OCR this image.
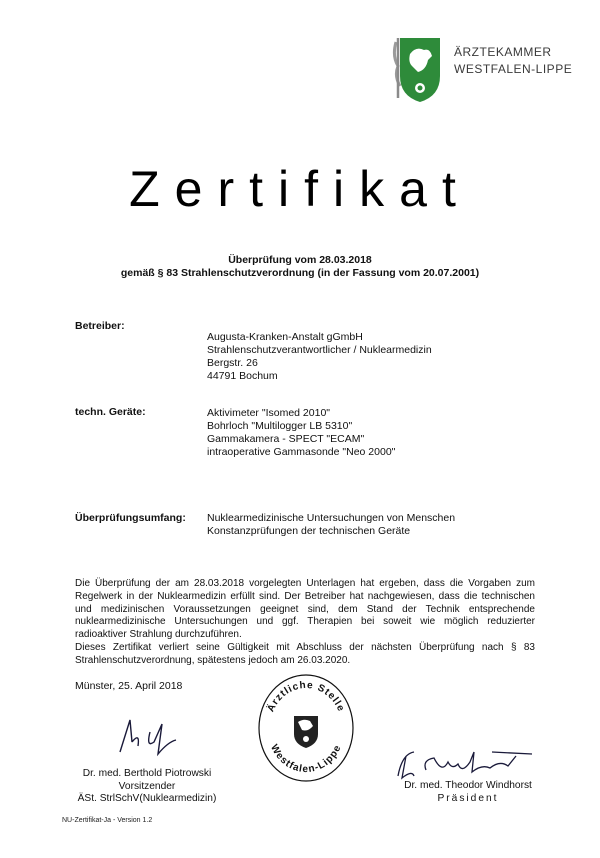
ÄRZTEKAMMER
WESTFALEN-LIPPE
Zertifikat
Überprüfung vom 28.03.2018
gemäß § 83 Strahlenschutzverordnung (in der Fassung vom 20.07.2001)
Betreiber:
Augusta-Kranken-Anstalt gGmbH
Strahlenschutzverantwortlicher / Nuklearmedizin
Bergstr. 26
44791 Bochum
techn. Geräte:	Aktivimeter "Isomed 2010"
Bohrloch "Multilogger LB 5310"
Gammakamera - SPECT "ECAM"
intraoperative Gammasonde "Neo 2000"
Überprüfungsumfang: Nuklearmedizinische Untersuchungen von Menschen
Konstanzprüfungen der technischen Geräte

Die Überprüfung der am 28.03.2018 vorgelegten Unterlagen hat ergeben, dass die Vorgaben zum Regelwerk in der Nuklearmedizin erfüllt sind. Der Betreiber hat nachgewiesen, dass die technischen und medizinischen Voraussetzungen geeignet sind, dem Stand der Technik entsprechende nuklearmedizinische Untersuchungen und ggf. Therapien bei soweit wie möglich reduzierter radioaktiver Strahlung durchzuführen.

Dieses Zertifikat verliert seine Gültigkeit mit Abschluss der nächsten Überprüfung nach § 83 Strahlenschutzverordnung, spätestens jedoch am 26.03.2020.

Münster, 25. April 2018
Dr. med. Berthold Piotrowski
Vorsitzender
ÄSt. StrlSchV(Nuklearmedizin)
Ärztliche Stelle
Westfalen-Lippe
Dr. med. Theodor Windhorst
Präsident
NU-Zertifikat-Ja - Version 1.2
